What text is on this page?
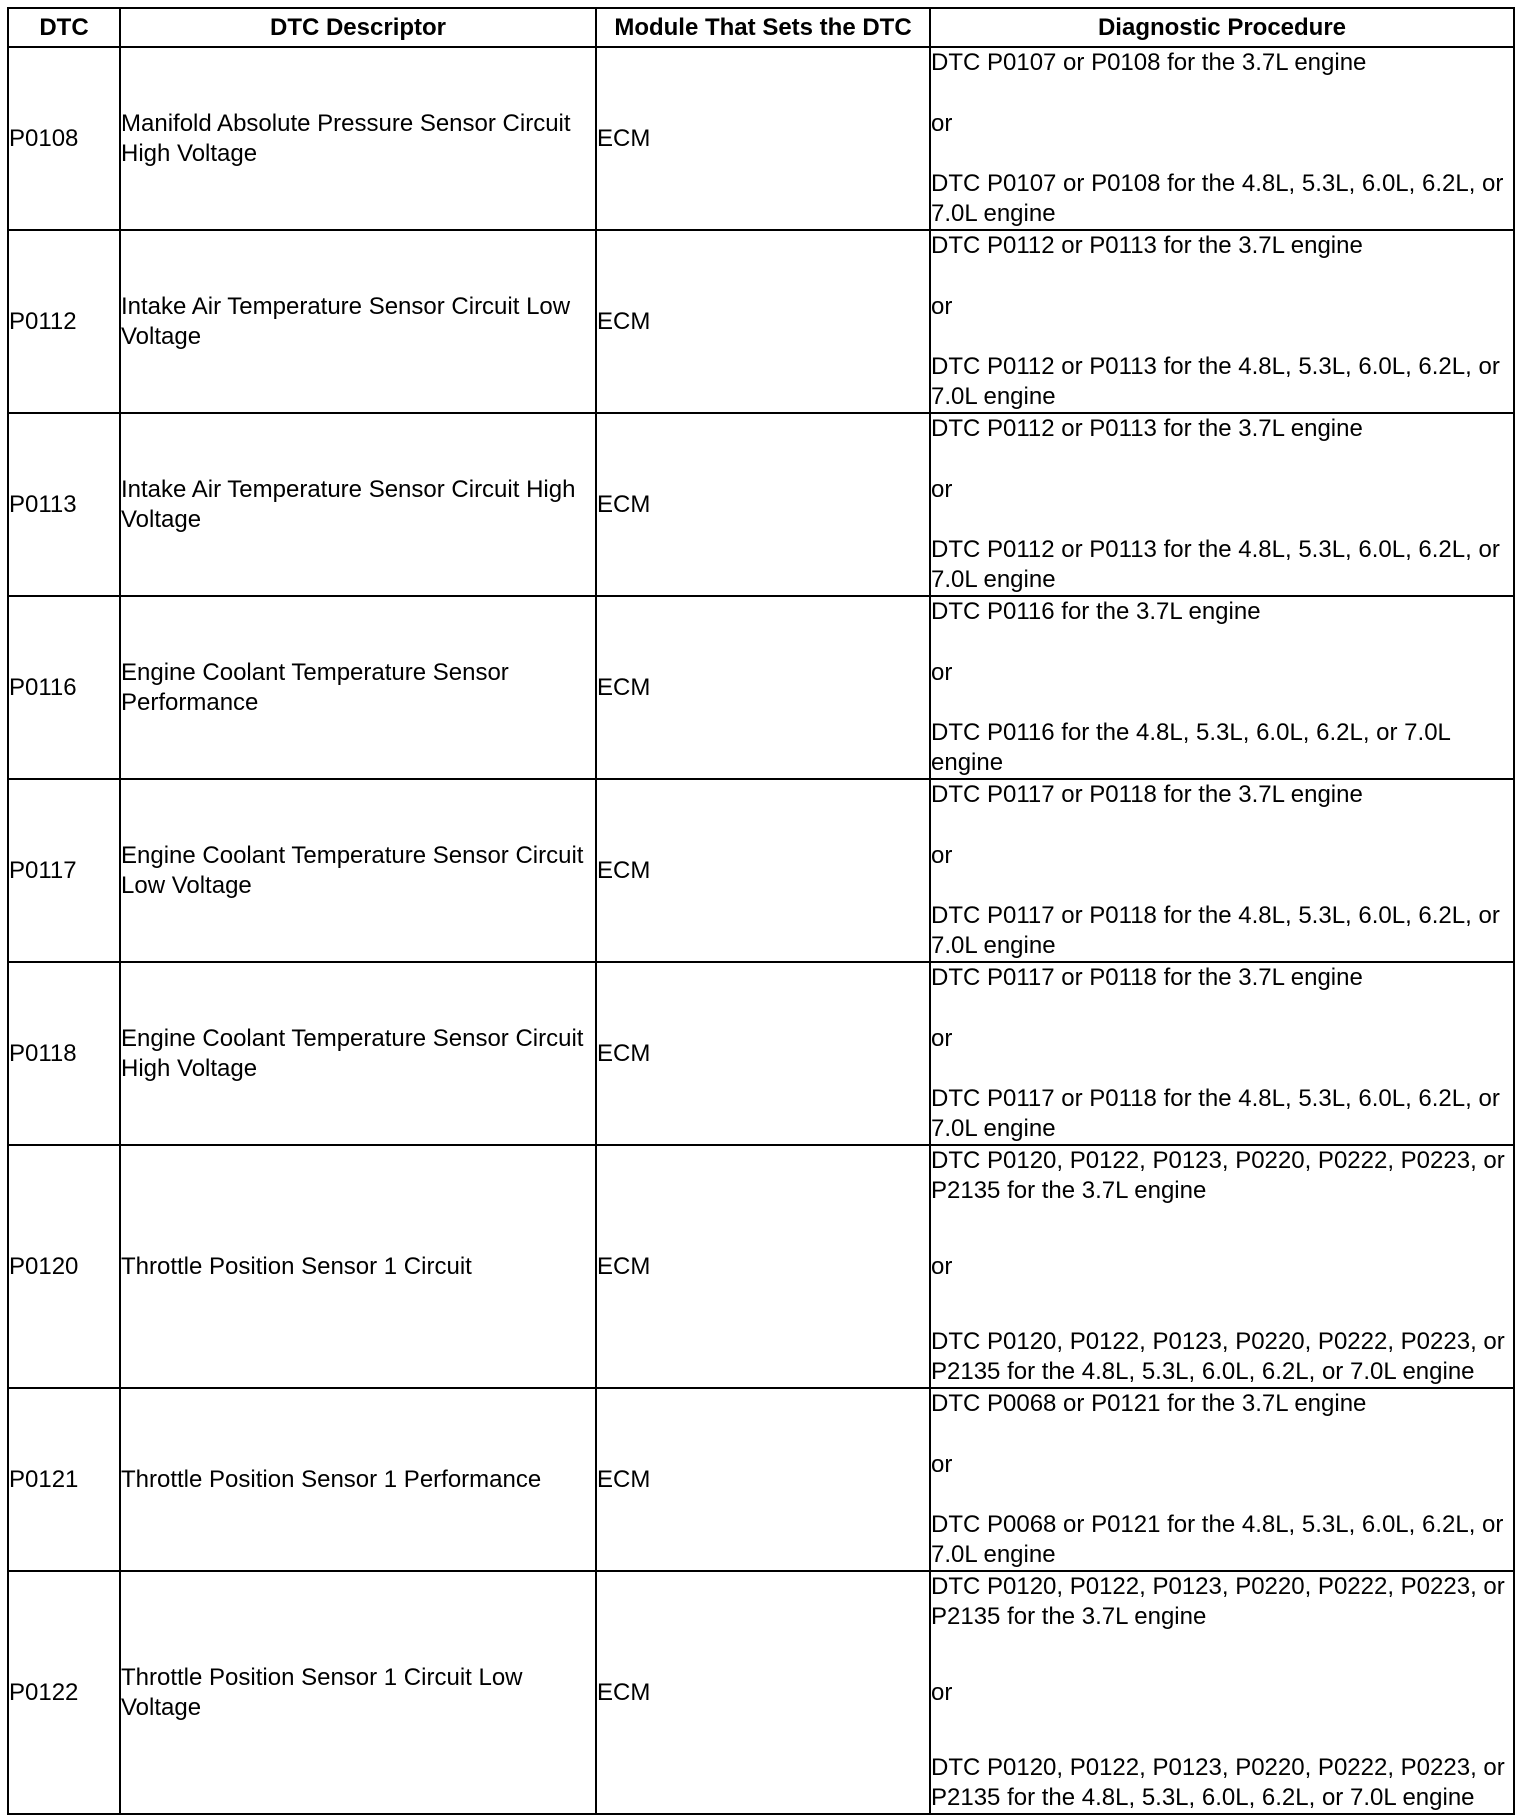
DTC	DTC Descriptor	Module That Sets the DTC	Diagnostic Procedure
P0108	Manifold Absolute Pressure Sensor Circuit High Voltage	ECM	DTC P0107 or P0108 for the 3.7L engine
or
DTC P0107 or P0108 for the 4.8L, 5.3L, 6.0L, 6.2L, or 7.0L engine

P0112	Intake Air Temperature Sensor Circuit Low Voltage	ECM	DTC P0112 or P0113 for the 3.7L engine
or
DTC P0112 or P0113 for the 4.8L, 5.3L, 6.0L, 6.2L, or 7.0L engine

P0113	Intake Air Temperature Sensor Circuit High Voltage	ECM	DTC P0112 or P0113 for the 3.7L engine
or
DTC P0112 or P0113 for the 4.8L, 5.3L, 6.0L, 6.2L, or 7.0L engine

P0116	Engine Coolant Temperature Sensor Performance	ECM	DTC P0116 for the 3.7L engine
or
DTC P0116 for the 4.8L, 5.3L, 6.0L, 6.2L, or 7.0L engine

P0117	Engine Coolant Temperature Sensor Circuit Low Voltage	ECM	DTC P0117 or P0118 for the 3.7L engine
or
DTC P0117 or P0118 for the 4.8L, 5.3L, 6.0L, 6.2L, or 7.0L engine

P0118	Engine Coolant Temperature Sensor Circuit High Voltage	ECM	DTC P0117 or P0118 for the 3.7L engine
or
DTC P0117 or P0118 for the 4.8L, 5.3L, 6.0L, 6.2L, or 7.0L engine

P0120	Throttle Position Sensor 1 Circuit	ECM	DTC P0120, P0122, P0123, P0220, P0222, P0223, or P2135 for the 3.7L engine
or
DTC P0120, P0122, P0123, P0220, P0222, P0223, or P2135 for the 4.8L, 5.3L, 6.0L, 6.2L, or 7.0L engine

P0121	Throttle Position Sensor 1 Performance	ECM	DTC P0068 or P0121 for the 3.7L engine
or
DTC P0068 or P0121 for the 4.8L, 5.3L, 6.0L, 6.2L, or 7.0L engine

P0122	Throttle Position Sensor 1 Circuit Low Voltage	ECM	DTC P0120, P0122, P0123, P0220, P0222, P0223, or P2135 for the 3.7L engine
or
DTC P0120, P0122, P0123, P0220, P0222, P0223, or P2135 for the 4.8L, 5.3L, 6.0L, 6.2L, or 7.0L engine
